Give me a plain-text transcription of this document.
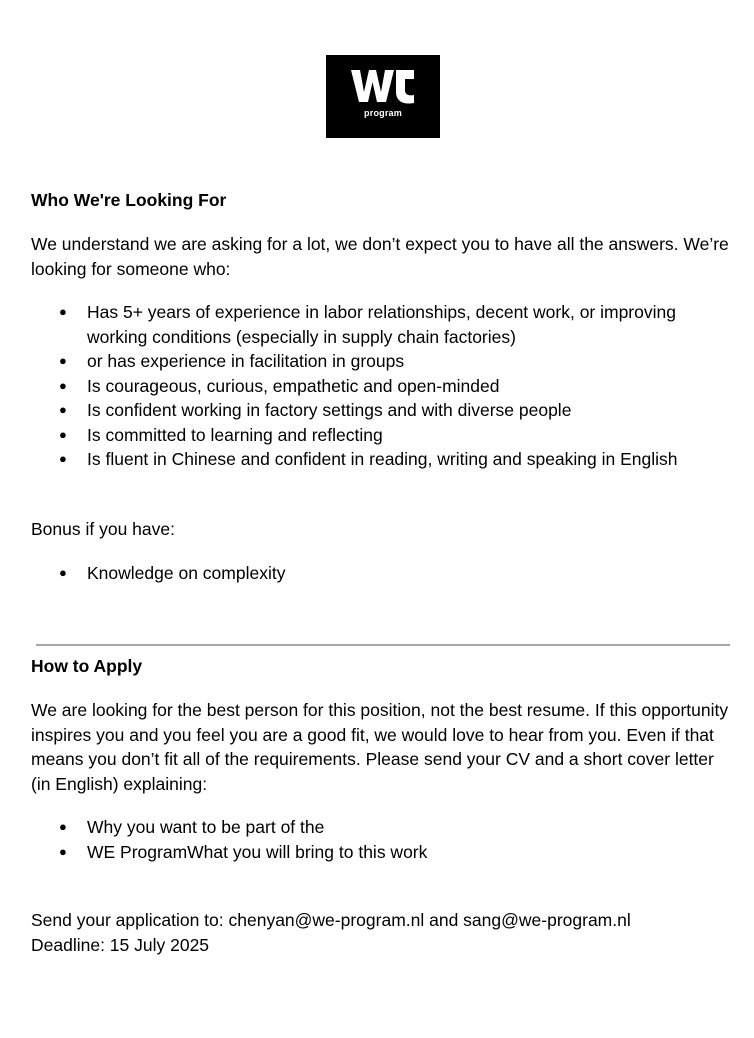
program
Who We're Looking For
We understand we are asking for a lot, we don’t expect you to have all the answers. We’re looking for someone who:
● Has 5+ years of experience in labor relationships, decent work, or improving working conditions (especially in supply chain factories)
● or has experience in facilitation in groups
● Is courageous, curious, empathetic and open-minded
● Is confident working in factory settings and with diverse people
● Is committed to learning and reflecting
● Is fluent in Chinese and confident in reading, writing and speaking in English
Bonus if you have:
● Knowledge on complexity
How to Apply
We are looking for the best person for this position, not the best resume. If this opportunity inspires you and you feel you are a good fit, we would love to hear from you. Even if that means you don’t fit all of the requirements. Please send your CV and a short cover letter (in English) explaining:
● Why you want to be part of the
● WE ProgramWhat you will bring to this work
Send your application to: chenyan@we-program.nl and sang@we-program.nl
Deadline: 15 July 2025
